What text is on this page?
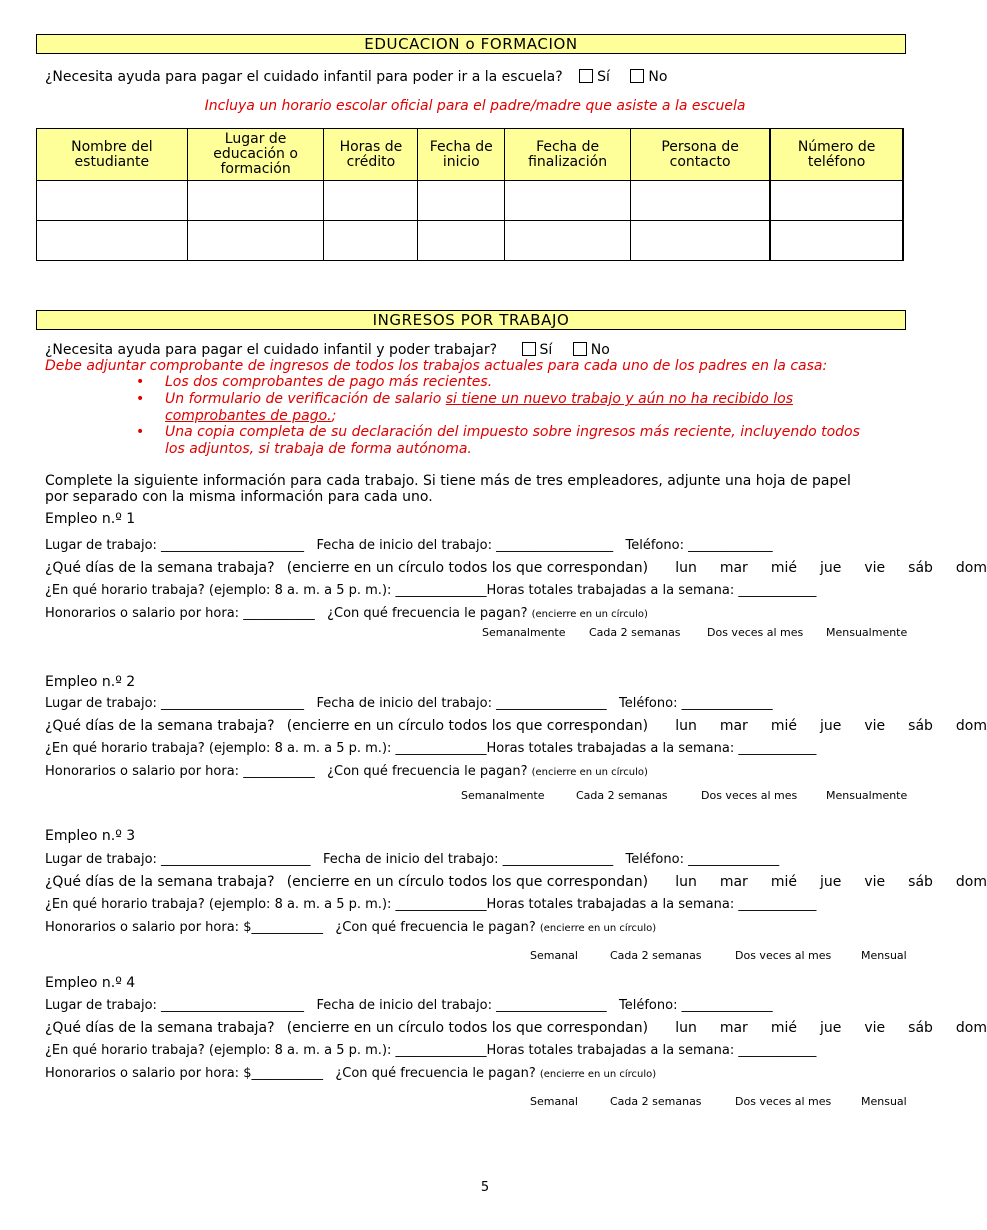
EDUCACION o FORMACION
¿Necesita ayuda para pagar el cuidado infantil para poder ir a la escuela? Sí	No
Incluya un horario escolar oficial para el padre/madre que asiste a la escuela
Nombre del estudiante	Lugar de educación o formación	Horas de crédito	Fecha de inicio	Fecha de finalización	Persona de contacto	Número de teléfono

INGRESOS POR TRABAJO
¿Necesita ayuda para pagar el cuidado infantil y poder trabajar?	Sí	No
Debe adjuntar comprobante de ingresos de todos los trabajos actuales para cada uno de los padres en la casa:
• Los dos comprobantes de pago más recientes.
• Un formulario de verificación de salario si tiene un nuevo trabajo y aún no ha recibido los
comprobantes de pago.;
• Una copia completa de su declaración del impuesto sobre ingresos más reciente, incluyendo todos
los adjuntos, si trabaja de forma autónoma.
Complete la siguiente información para cada trabajo. Si tiene más de tres empleadores, adjunte una hoja de papel
por separado con la misma información para cada uno.
Empleo n.º 1
Lugar de trabajo: ______________________ Fecha de inicio del trabajo: __________________ Teléfono: _____________
¿Qué días de la semana trabaja? (encierre en un círculo todos los que correspondan) lun mar mié jue vie sáb dom
¿En qué horario trabaja? (ejemplo: 8 a. m. a 5 p. m.): ______________Horas totales trabajadas a la semana: ____________
Honorarios o salario por hora: ___________ ¿Con qué frecuencia le pagan? (encierre en un círculo)
Semanalmente Cada 2 semanas Dos veces al mes Mensualmente
Empleo n.º 2
Lugar de trabajo: ______________________ Fecha de inicio del trabajo: _________________ Teléfono: ______________
¿Qué días de la semana trabaja? (encierre en un círculo todos los que correspondan) lun mar mié jue vie sáb dom
¿En qué horario trabaja? (ejemplo: 8 a. m. a 5 p. m.): ______________Horas totales trabajadas a la semana: ____________
Honorarios o salario por hora: ___________ ¿Con qué frecuencia le pagan? (encierre en un círculo)
Semanalmente	Cada 2 semanas	Dos veces al mes	Mensualmente
Empleo n.º 3
Lugar de trabajo: _______________________ Fecha de inicio del trabajo: _________________ Teléfono: ______________
¿Qué días de la semana trabaja? (encierre en un círculo todos los que correspondan) lun mar mié jue vie sáb dom
¿En qué horario trabaja? (ejemplo: 8 a. m. a 5 p. m.): ______________Horas totales trabajadas a la semana: ____________
Honorarios o salario por hora: $___________ ¿Con qué frecuencia le pagan? (encierre en un círculo)
Semanal	Cada 2 semanas	Dos veces al mes	Mensual
Empleo n.º 4
Lugar de trabajo: ______________________ Fecha de inicio del trabajo: _________________ Teléfono: ______________
¿Qué días de la semana trabaja? (encierre en un círculo todos los que correspondan) lun mar mié jue vie sáb dom
¿En qué horario trabaja? (ejemplo: 8 a. m. a 5 p. m.): ______________Horas totales trabajadas a la semana: ____________
Honorarios o salario por hora: $___________ ¿Con qué frecuencia le pagan? (encierre en un círculo)
Semanal	Cada 2 semanas	Dos veces al mes	Mensual
5
